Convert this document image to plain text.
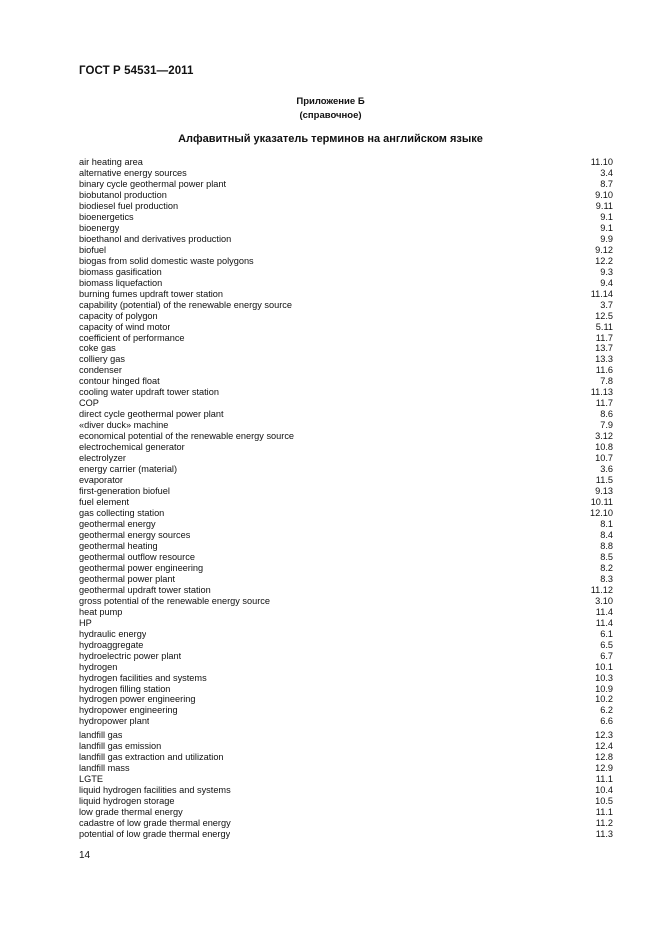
ГОСТ Р 54531—2011
Приложение Б
(справочное)
Алфавитный указатель терминов на английском языке
air heating area	11.10
alternative energy sources	3.4
binary cycle geothermal power plant	8.7
biobutanol production	9.10
biodiesel fuel production	9.11
bioenergetics	9.1
bioenergy	9.1
bioethanol and derivatives production	9.9
biofuel	9.12
biogas from solid domestic waste polygons	12.2
biomass gasification	9.3
biomass liquefaction	9.4
burning fumes updraft tower station	11.14
capability (potential) of the renewable energy source	3.7
capacity of polygon	12.5
capacity of wind motor	5.11
coefficient of performance	11.7
coke gas	13.7
colliery gas	13.3
condenser	11.6
contour hinged float	7.8
cooling water updraft tower station	11.13
COP	11.7
direct cycle geothermal power plant	8.6
«diver duck» machine	7.9
economical potential of the renewable energy source	3.12
electrochemical generator	10.8
electrolyzer	10.7
energy carrier (material)	3.6
evaporator	11.5
first-generation biofuel	9.13
fuel element	10.11
gas collecting station	12.10
geothermal energy	8.1
geothermal energy sources	8.4
geothermal heating	8.8
geothermal outflow resource	8.5
geothermal power engineering	8.2
geothermal power plant	8.3
geothermal updraft tower station	11.12
gross potential of the renewable energy source	3.10
heat pump	11.4
HP	11.4
hydraulic energy	6.1
hydroaggregate	6.5
hydroelectric power plant	6.7
hydrogen	10.1
hydrogen facilities and systems	10.3
hydrogen filling station	10.9
hydrogen power engineering	10.2
hydropower engineering	6.2
hydropower plant	6.6
landfill gas	12.3
landfill gas emission	12.4
landfill gas extraction and utilization	12.8
landfill mass	12.9
LGTE	11.1
liquid hydrogen facilities and systems	10.4
liquid hydrogen storage	10.5
low grade thermal energy	11.1
cadastre of low grade thermal energy	11.2
potential of low grade thermal energy	11.3
14
